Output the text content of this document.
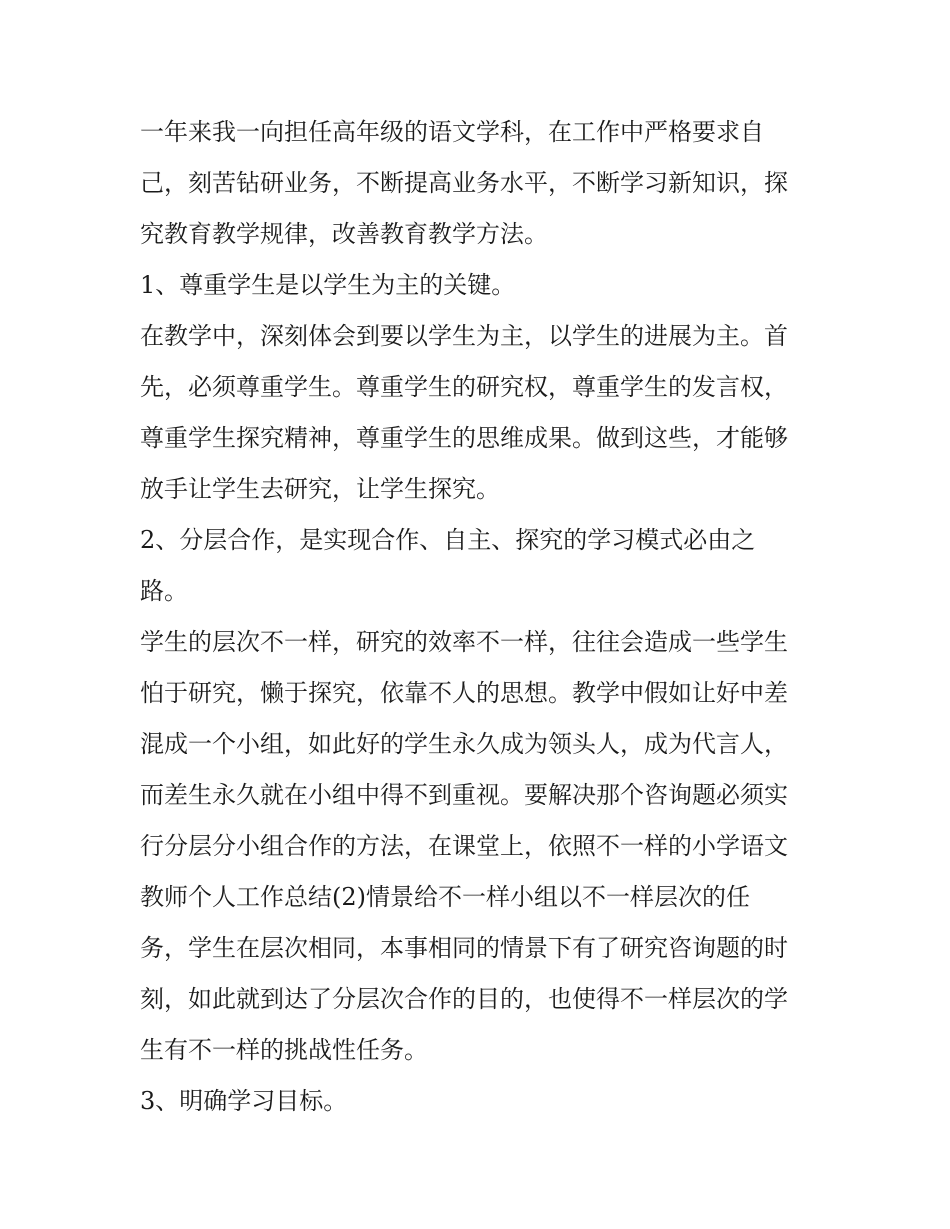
一年来我一向担任高年级的语文学科，在工作中严格要求自
己，刻苦钻研业务，不断提高业务水平，不断学习新知识，探
究教育教学规律，改善教育教学方法。
1、尊重学生是以学生为主的关键。
在教学中，深刻体会到要以学生为主，以学生的进展为主。首
先，必须尊重学生。尊重学生的研究权，尊重学生的发言权，
尊重学生探究精神，尊重学生的思维成果。做到这些，才能够
放手让学生去研究，让学生探究。
2、分层合作，是实现合作、自主、探究的学习模式必由之
路。
学生的层次不一样，研究的效率不一样，往往会造成一些学生
怕于研究，懒于探究，依靠不人的思想。教学中假如让好中差
混成一个小组，如此好的学生永久成为领头人，成为代言人，
而差生永久就在小组中得不到重视。要解决那个咨询题必须实
行分层分小组合作的方法，在课堂上，依照不一样的小学语文
教师个人工作总结(2)情景给不一样小组以不一样层次的任
务，学生在层次相同，本事相同的情景下有了研究咨询题的时
刻，如此就到达了分层次合作的目的，也使得不一样层次的学
生有不一样的挑战性任务。
3、明确学习目标。
